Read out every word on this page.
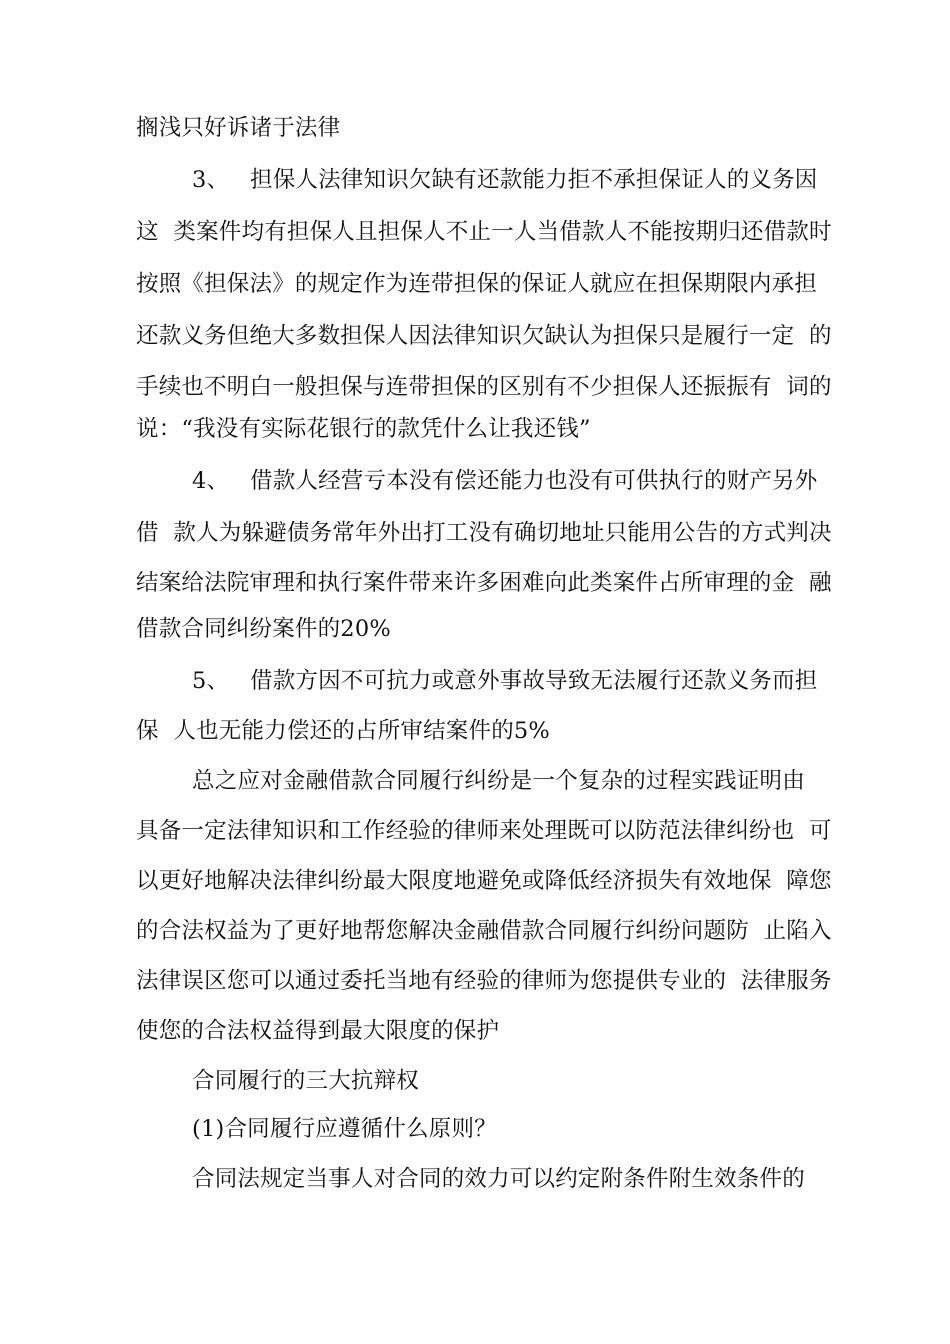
搁浅只好诉诸于法律
3、 担保人法律知识欠缺有还款能力拒不承担保证人的义务因
这  类案件均有担保人且担保人不止一人当借款人不能按期归还借款时
按照《担保法》的规定作为连带担保的保证人就应在担保期限内承担
还款义务但绝大多数担保人因法律知识欠缺认为担保只是履行一定  的
手续也不明白一般担保与连带担保的区别有不少担保人还振振有  词的
说：“我没有实际花银行的款凭什么让我还钱”
4、 借款人经营亏本没有偿还能力也没有可供执行的财产另外
借  款人为躲避债务常年外出打工没有确切地址只能用公告的方式判决
结案给法院审理和执行案件带来许多困难向此类案件占所审理的金  融
借款合同纠纷案件的20%
5、 借款方因不可抗力或意外事故导致无法履行还款义务而担
保  人也无能力偿还的占所审结案件的5%
总之应对金融借款合同履行纠纷是一个复杂的过程实践证明由
具备一定法律知识和工作经验的律师来处理既可以防范法律纠纷也  可
以更好地解决法律纠纷最大限度地避免或降低经济损失有效地保  障您
的合法权益为了更好地帮您解决金融借款合同履行纠纷问题防  止陷入
法律误区您可以通过委托当地有经验的律师为您提供专业的  法律服务
使您的合法权益得到最大限度的保护
合同履行的三大抗辩权
(1)合同履行应遵循什么原则？
合同法规定当事人对合同的效力可以约定附条件附生效条件的
